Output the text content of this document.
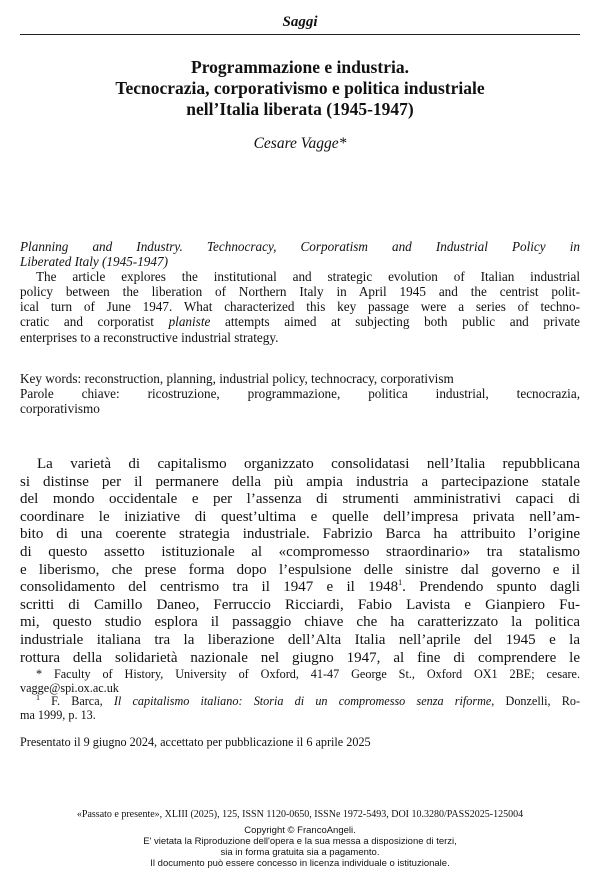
Saggi
Programmazione e industria.
Tecnocrazia, corporativismo e politica industriale
nell’Italia liberata (1945-1947)
Cesare Vagge*
Planning and Industry. Technocracy, Corporatism and Industrial Policy in
Liberated Italy (1945-1947)
The article explores the institutional and strategic evolution of Italian industrial
policy between the liberation of Northern Italy in April 1945 and the centrist polit-
ical turn of June 1947. What characterized this key passage were a series of techno-
cratic and corporatist planiste attempts aimed at subjecting both public and private
enterprises to a reconstructive industrial strategy.
Key words: reconstruction, planning, industrial policy, technocracy, corporativism
Parole chiave: ricostruzione, programmazione, politica industrial, tecnocrazia,
corporativismo
La varietà di capitalismo organizzato consolidatasi nell’Italia repubblicana
si distinse per il permanere della più ampia industria a partecipazione statale
del mondo occidentale e per l’assenza di strumenti amministrativi capaci di
coordinare le iniziative di quest’ultima e quelle dell’impresa privata nell’am-
bito di una coerente strategia industriale. Fabrizio Barca ha attribuito l’origine
di questo assetto istituzionale al «compromesso straordinario» tra statalismo
e liberismo, che prese forma dopo l’espulsione delle sinistre dal governo e il
consolidamento del centrismo tra il 1947 e il 1948$^1$. Prendendo spunto dagli
scritti di Camillo Daneo, Ferruccio Ricciardi, Fabio Lavista e Gianpiero Fu-
mi, questo studio esplora il passaggio chiave che ha caratterizzato la politica
industriale italiana tra la liberazione dell’Alta Italia nell’aprile del 1945 e la
rottura della solidarietà nazionale nel giugno 1947, al fine di comprendere le
* Faculty of History, University of Oxford, 41-47 George St., Oxford OX1 2BE; cesare.
vagge@spi.ox.ac.uk
$^1$ F. Barca, Il capitalismo italiano: Storia di un compromesso senza riforme, Donzelli, Ro-
ma 1999, p. 13.
Presentato il 9 giugno 2024, accettato per pubblicazione il 6 aprile 2025
«Passato e presente», XLIII (2025), 125, ISSN 1120-0650, ISSNe 1972-5493, DOI 10.3280/PASS2025-125004
Copyright © FrancoAngeli.
E' vietata la Riproduzione dell'opera e la sua messa a disposizione di terzi,
sia in forma gratuita sia a pagamento.
Il documento può essere concesso in licenza individuale o istituzionale.
